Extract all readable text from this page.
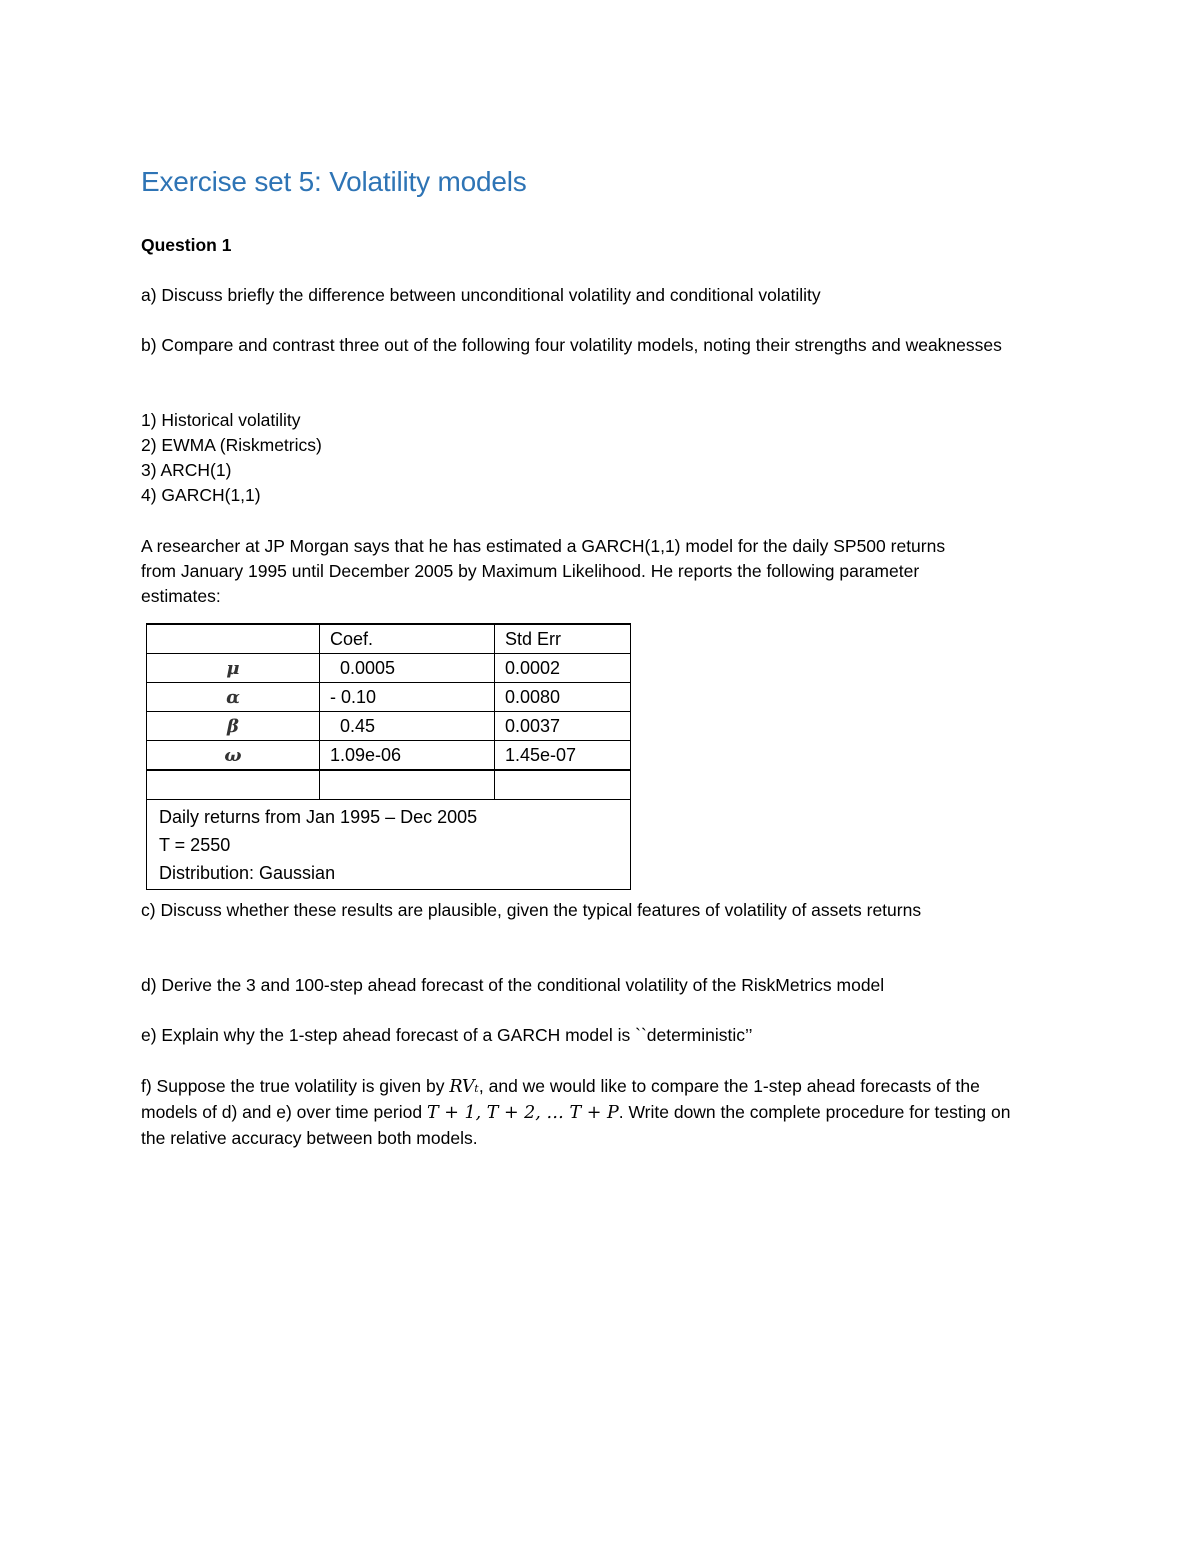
Exercise set 5: Volatility models

Question 1

a) Discuss briefly the difference between unconditional volatility and conditional volatility

b) Compare and contrast three out of the following four volatility models, noting their strengths and weaknesses

1) Historical volatility
2) EWMA (Riskmetrics)
3) ARCH(1)
4) GARCH(1,1)

A researcher at JP Morgan says that he has estimated a GARCH(1,1) model for the daily SP500 returns from January 1995 until December 2005 by Maximum Likelihood. He reports the following parameter estimates:

	Coef.	Std Err
μ	0.0005	0.0002
α	- 0.10	0.0080
β	0.45	0.0037
ω	1.09e-06	1.45e-07

Daily returns from Jan 1995 – Dec 2005
T = 2550
Distribution: Gaussian		

c) Discuss whether these results are plausible, given the typical features of volatility of assets returns

d) Derive the 3 and 100-step ahead forecast of the conditional volatility of the RiskMetrics model

e) Explain why the 1-step ahead forecast of a GARCH model is ``deterministic’’

f) Suppose the true volatility is given by RVₜ, and we would like to compare the 1-step ahead forecasts of the models of d) and e) over time period T + 1, T + 2, … T + P. Write down the complete procedure for testing on the relative accuracy between both models.
